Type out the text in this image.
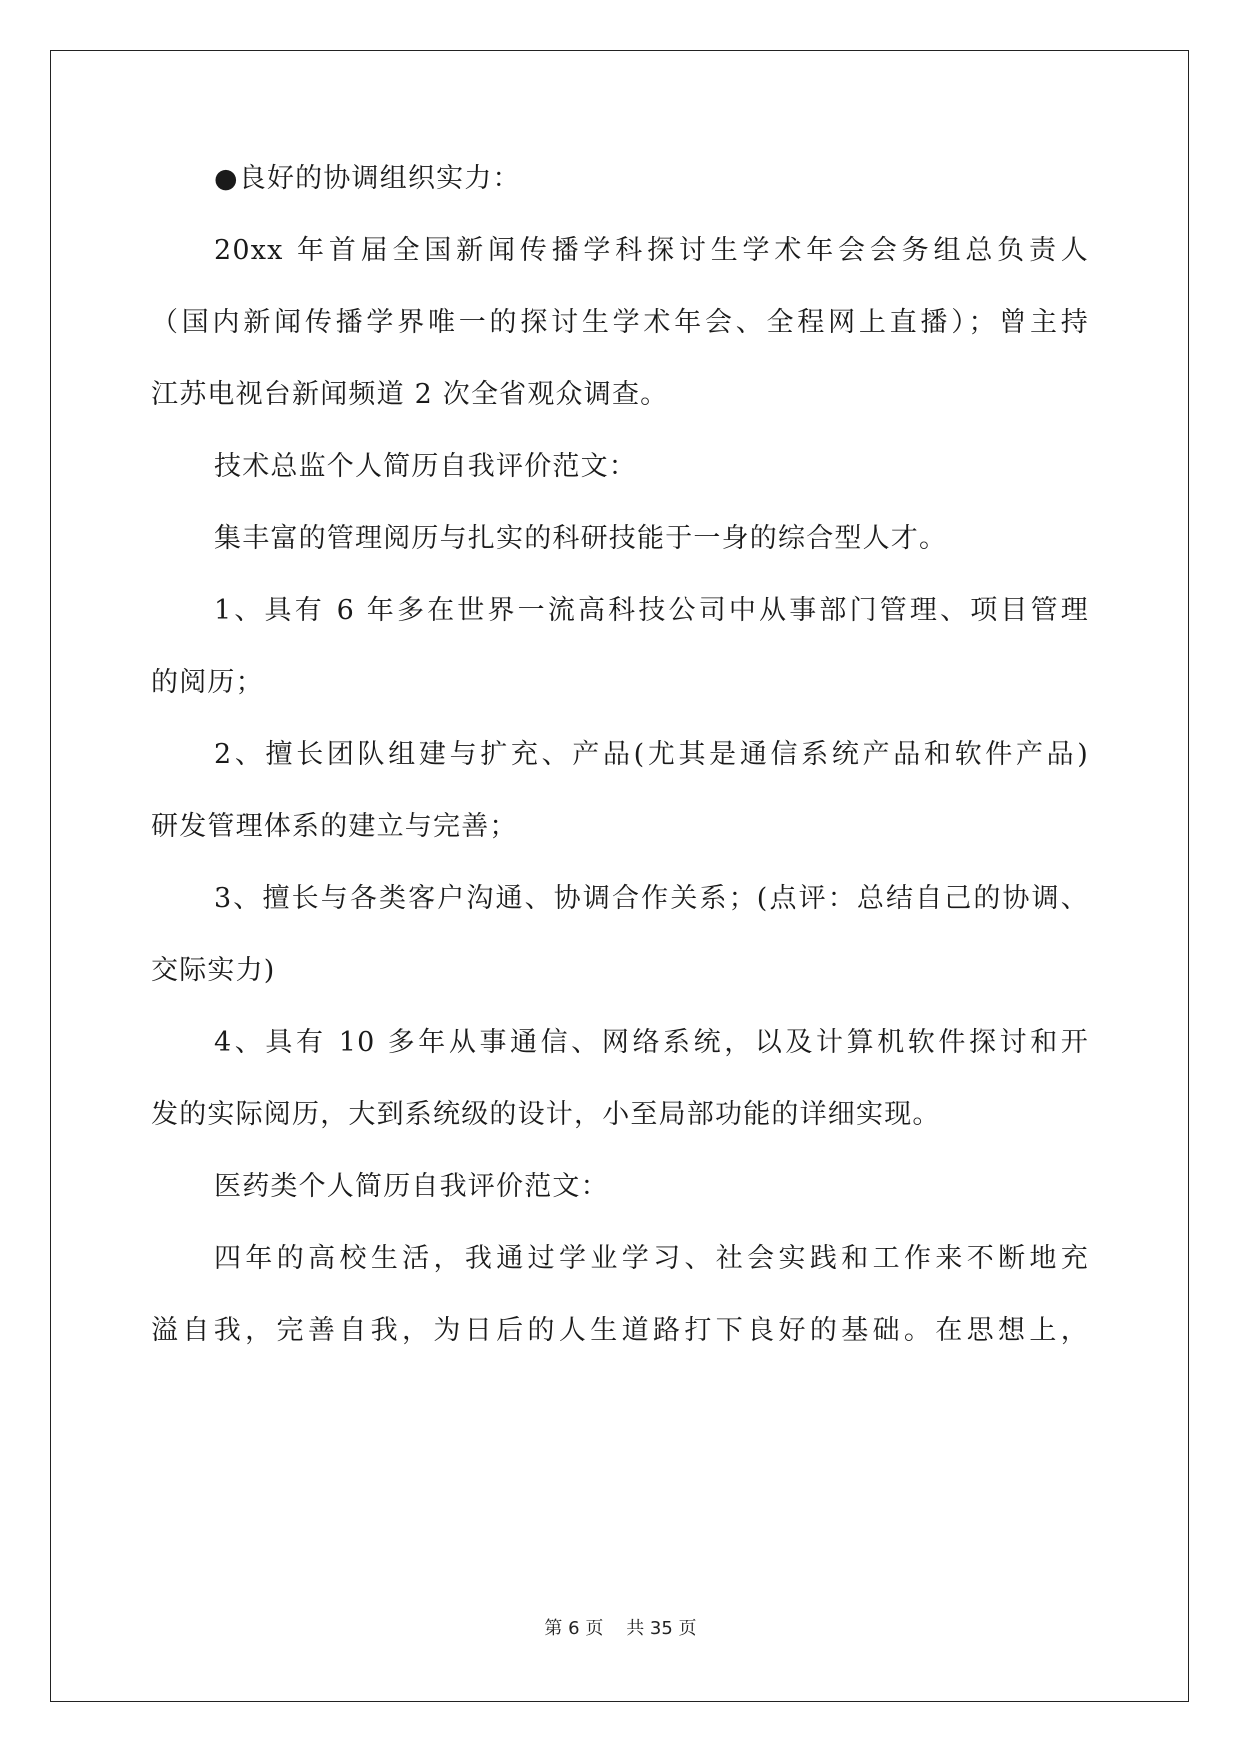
●良好的协调组织实力：
20xx 年首届全国新闻传播学科探讨生学术年会会务组总负责人
（国内新闻传播学界唯一的探讨生学术年会、全程网上直播）；曾主持
江苏电视台新闻频道 2 次全省观众调查。
技术总监个人简历自我评价范文：
集丰富的管理阅历与扎实的科研技能于一身的综合型人才。
1、具有 6 年多在世界一流高科技公司中从事部门管理、项目管理
的阅历；
2、擅长团队组建与扩充、产品(尤其是通信系统产品和软件产品)
研发管理体系的建立与完善；
3、擅长与各类客户沟通、协调合作关系；(点评：总结自己的协调、
交际实力)
4、具有 10 多年从事通信、网络系统，以及计算机软件探讨和开
发的实际阅历，大到系统级的设计，小至局部功能的详细实现。
医药类个人简历自我评价范文：
四年的高校生活，我通过学业学习、社会实践和工作来不断地充
溢自我，完善自我，为日后的人生道路打下良好的基础。在思想上，
第 6 页    共 35 页
